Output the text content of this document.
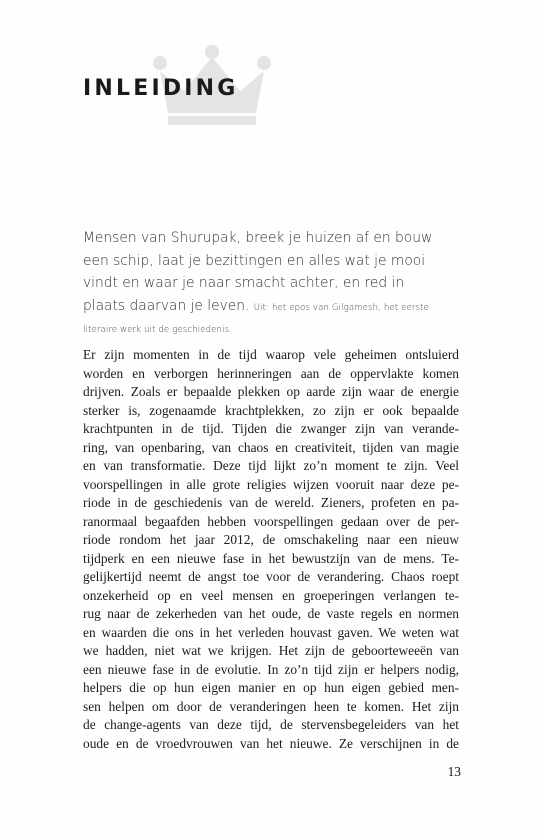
INLEIDING
Mensen van Shurupak, breek je huizen af en bouw
een schip, laat je bezittingen en alles wat je mooi
vindt en waar je naar smacht achter, en red in
plaats daarvan je leven. Uit: het epos van Gilgamesh, het eerste
literaire werk uit de geschiedenis.
Er zijn momenten in de tijd waarop vele geheimen ontsluierd
worden en verborgen herinneringen aan de oppervlakte komen
drijven. Zoals er bepaalde plekken op aarde zijn waar de energie
sterker is, zogenaamde krachtplekken, zo zijn er ook bepaalde
krachtpunten in de tijd. Tijden die zwanger zijn van verande-
ring, van openbaring, van chaos en creativiteit, tijden van magie
en van transformatie. Deze tijd lijkt zo’n moment te zijn. Veel
voorspellingen in alle grote religies wijzen vooruit naar deze pe-
riode in de geschiedenis van de wereld. Zieners, profeten en pa-
ranormaal begaafden hebben voorspellingen gedaan over de per-
riode rondom het jaar 2012, de omschakeling naar een nieuw
tijdperk en een nieuwe fase in het bewustzijn van de mens. Te-
gelijkertijd neemt de angst toe voor de verandering. Chaos roept
onzekerheid op en veel mensen en groeperingen verlangen te-
rug naar de zekerheden van het oude, de vaste regels en normen
en waarden die ons in het verleden houvast gaven. We weten wat
we hadden, niet wat we krijgen. Het zijn de geboorteweeën van
een nieuwe fase in de evolutie. In zo’n tijd zijn er helpers nodig,
helpers die op hun eigen manier en op hun eigen gebied men-
sen helpen om door de veranderingen heen te komen. Het zijn
de change-agents van deze tijd, de stervensbegeleiders van het
oude en de vroedvrouwen van het nieuwe. Ze verschijnen in de
13
